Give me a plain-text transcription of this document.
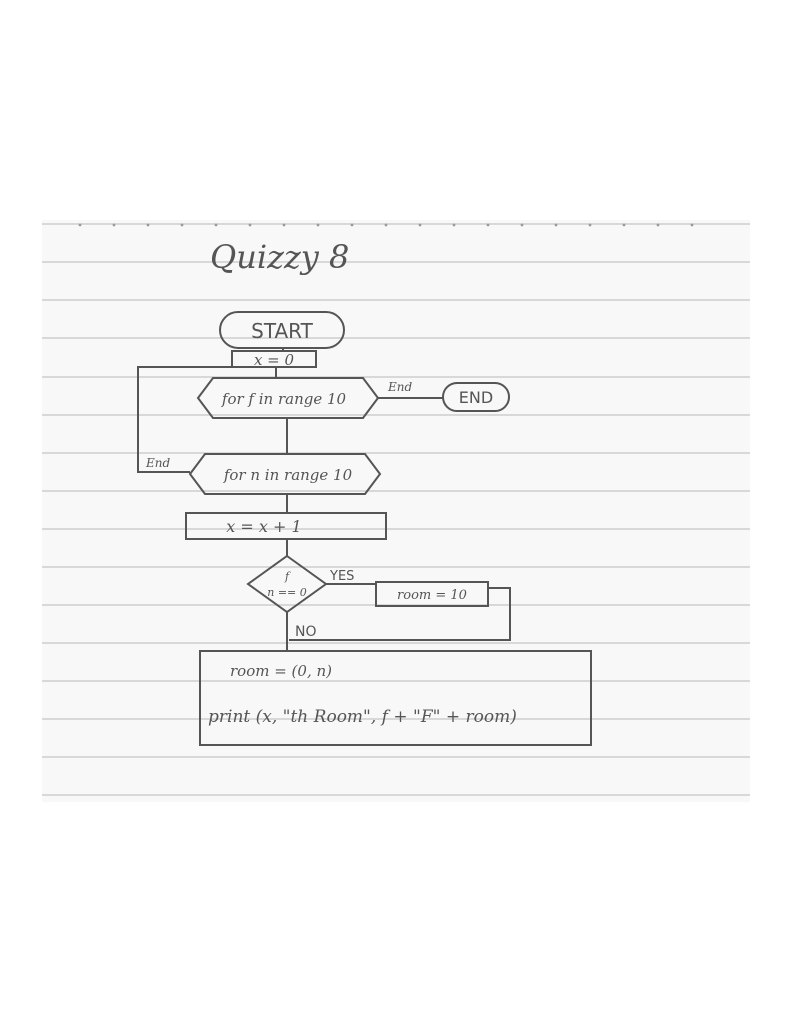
Quizzy 8
START
x = 0
for f in range 10
End
END
End
for n in range 10
x = x + 1
f
n == 0
YES
room = 10
NO
room = (0, n)
print (x, "th Room", f + "F" + room)
